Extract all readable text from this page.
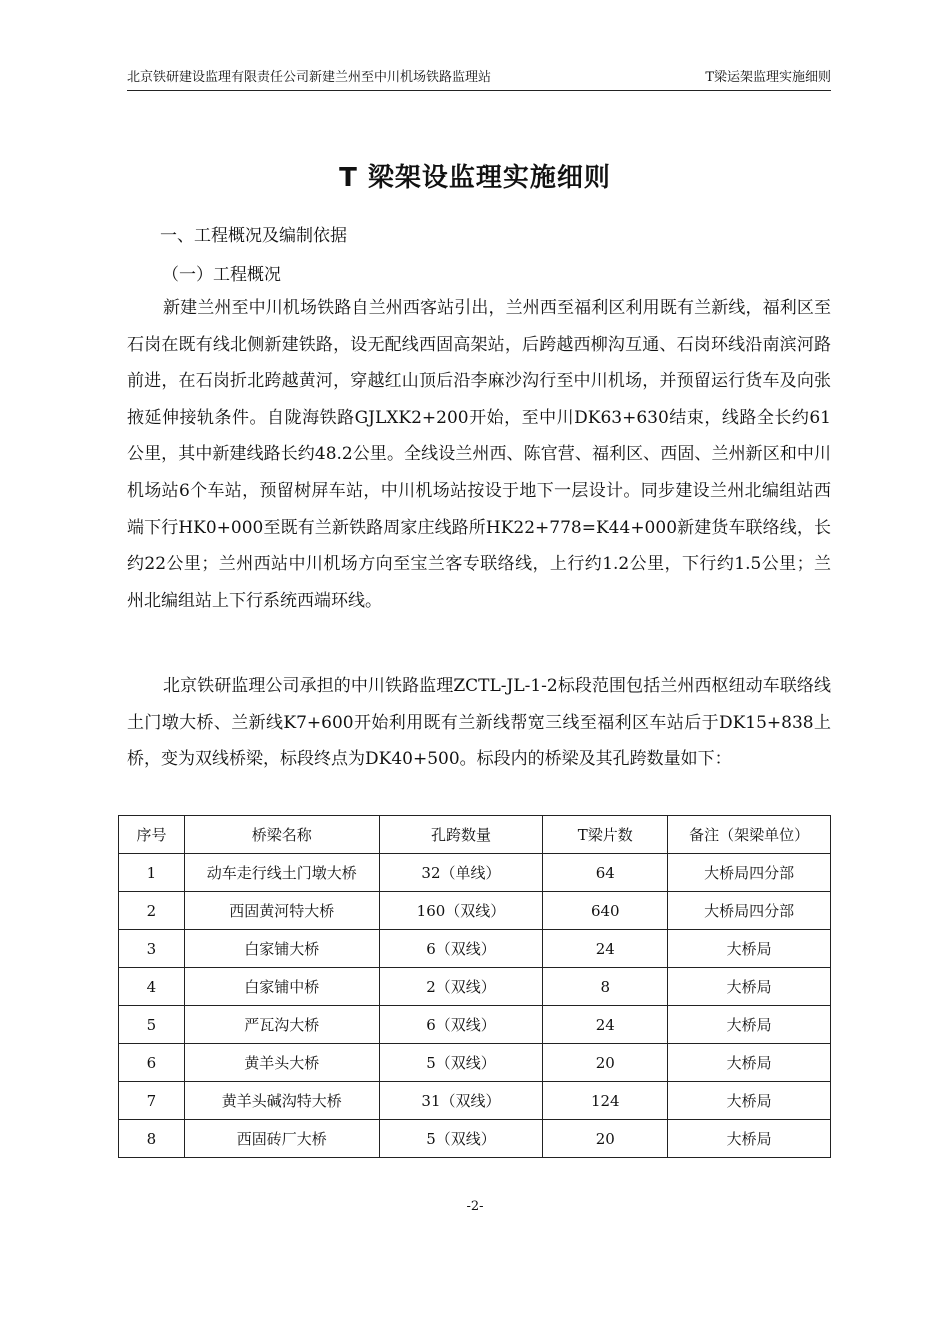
北京铁研建设监理有限责任公司新建兰州至中川机场铁路监理站	T梁运架监理实施细则
T 梁架设监理实施细则
一、工程概况及编制依据
（一）工程概况

新建兰州至中川机场铁路自兰州西客站引出，兰州西至福利区利用既有兰新线，福利区至石岗在既有线北侧新建铁路，设无配线西固高架站，后跨越西柳沟互通、石岗环线沿南滨河路前进，在石岗折北跨越黄河，穿越红山顶后沿李麻沙沟行至中川机场，并预留运行货车及向张掖延伸接轨条件。自陇海铁路GJLXK2+200开始，至中川DK63+630结束，线路全长约61公里，其中新建线路长约48.2公里。全线设兰州西、陈官营、福利区、西固、兰州新区和中川机场站6个车站，预留树屏车站，中川机场站按设于地下一层设计。同步建设兰州北编组站西端下行HK0+000至既有兰新铁路周家庄线路所HK22+778=K44+000新建货车联络线，长约22公里；兰州西站中川机场方向至宝兰客专联络线，上行约1.2公里，下行约1.5公里；兰州北编组站上下行系统西端环线。

北京铁研监理公司承担的中川铁路监理ZCTL-JL-1-2标段范围包括兰州西枢纽动车联络线土门墩大桥、兰新线K7+600开始利用既有兰新线帮宽三线至福利区车站后于DK15+838上桥，变为双线桥梁，标段终点为DK40+500。标段内的桥梁及其孔跨数量如下：

序号	桥梁名称	孔跨数量	T梁片数	备注（架梁单位）
1	动车走行线土门墩大桥	32（单线）	64	大桥局四分部
2	西固黄河特大桥	160（双线）	640	大桥局四分部
3	白家铺大桥	6（双线）	24	大桥局
4	白家铺中桥	2（双线）	8	大桥局
5	严瓦沟大桥	6（双线）	24	大桥局
6	黄羊头大桥	5（双线）	20	大桥局
7	黄羊头碱沟特大桥	31（双线）	124	大桥局
8	西固砖厂大桥	5（双线）	20	大桥局
-2-
